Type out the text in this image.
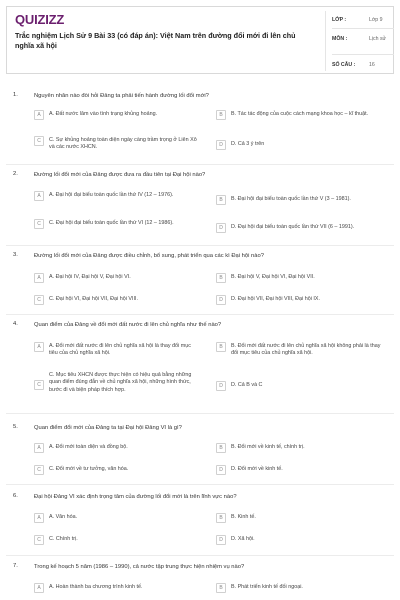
QUIZIZZ
Trắc nghiệm Lịch Sử 9 Bài 33 (có đáp án): Việt Nam trên đường đổi mới đi lên chủ nghĩa xã hội
LỚP :	Lớp 9
MÔN :	Lịch sử
SỐ CÂU :	16
1.	Nguyên nhân nào đòi hỏi Đảng ta phải tiến hành đường lối đổi mới?
A	A. Đất nước lâm vào tình trạng khủng hoảng.	B	B. Tác tác động của cuộc cách mạng khoa học – kĩ thuật.
C	C. Sự khủng hoảng toàn diện ngày càng trầm trọng ở Liên Xô và các nước XHCN.	D	D. Cả 3 ý trên
2.	Đường lối đổi mới của Đảng được đưa ra đầu tiên tại Đại hội nào?
A	A. Đại hội đại biểu toàn quốc lần thứ IV (12 – 1976).
B	B. Đại hội đại biểu toàn quốc lần thứ V (3 – 1981).
C	C. Đại hội đại biểu toàn quốc lần thứ VI (12 – 1986).
D	D. Đại hội đại biểu toàn quốc lần thứ VII (6 – 1991).
3.	Đường lối đổi mới của Đảng được điều chỉnh, bổ sung, phát triển qua các kì Đại hội nào?
A	A. Đại hội IV, Đại hội V, Đại hội VI.	B	B. Đại hội V, Đại hội VI, Đại hội VII.
C	C. Đại hội VI, Đại hội VII, Đại hội VIII.	D	D. Đại hội VII, Đại hội VIII, Đại hội IX.
4.	Quan điểm của Đảng về đổi mới đất nước đi lên chủ nghĩa như thế nào?
A	A. Đổi mới đất nước đi lên chủ nghĩa xã hội là thay đổi mục tiêu của chủ nghĩa xã hội.
B	B. Đổi mới đất nước đi lên chủ nghĩa xã hội không phải là thay đổi mục tiêu của chủ nghĩa xã hội.
C
C. Mục tiêu XHCN được thực hiện có hiệu quả bằng những quan điểm đúng đắn về chủ nghĩa xã hội, những hình thức, bước đi và biện pháp thích hợp.
D	D. Cả B và C
5.	Quan điểm đổi mới của Đảng ta tại Đại hội Đảng VI là gì?
A	A. Đổi mới toàn diện và đồng bộ.	B	B. Đổi mới về kinh tế, chính trị.
C	C. Đổi mới về tư tưởng, văn hóa.	D	D. Đổi mới về kinh tế.
6.	Đại hội Đảng VI xác định trọng tâm của đường lối đổi mới là trên lĩnh vực nào?
A	A. Văn hóa.	B	B. Kinh tế.
C	C. Chính trị.	D	D. Xã hội.
7.	Trong kế hoạch 5 năm (1986 – 1990), cả nước tập trung thực hiện nhiệm vụ nào?
A	A. Hoàn thành ba chương trình kinh tế.	B	B. Phát triển kinh tế đối ngoại.
